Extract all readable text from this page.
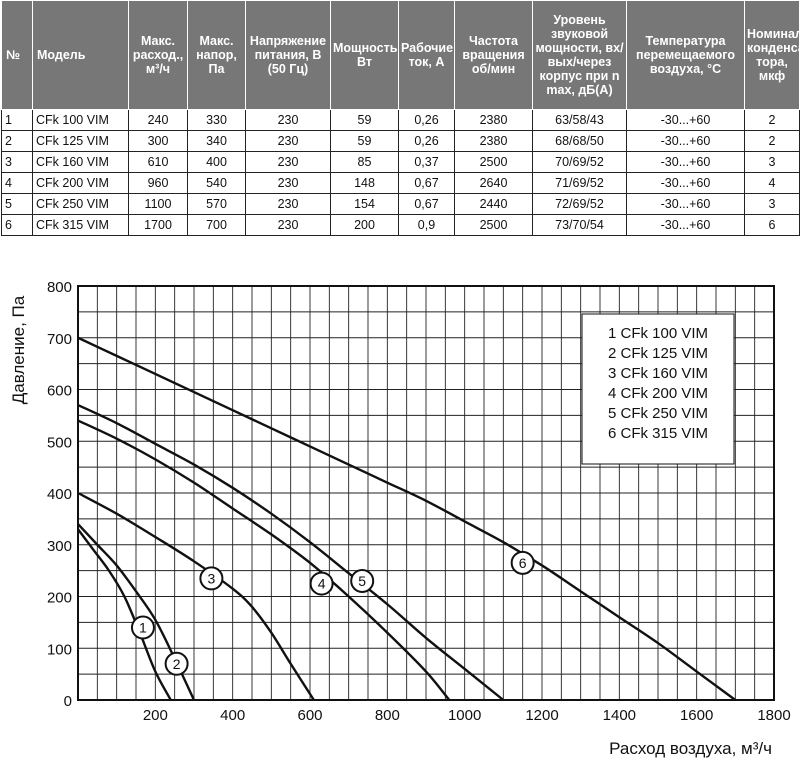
№	Модель	Макс. расход., м³/ч	Макс. напор, Па	Напряжение питания, В (50 Гц)	Мощность Вт	Рабочие ток, А	Частота вращения об/мин	Уровень звуковой мощности, вх/вых/через корпус при n max, дБ(А)	Температура перемещаемого воздуха, °С	Номинал конденса-тора, мкф
1	CFk 100 VIM	240	330	230	59	0,26	2380	63/58/43	-30...+60	2
2	CFk 125 VIM	300	340	230	59	0,26	2380	68/68/50	-30...+60	2
3	CFk 160 VIM	610	400	230	85	0,37	2500	70/69/52	-30...+60	3
4	CFk 200 VIM	960	540	230	148	0,67	2640	71/69/52	-30...+60	4
5	CFk 250 VIM	1100	570	230	154	0,67	2440	72/69/52	-30...+60	3
6	CFk 315 VIM	1700	700	230	200	0,9	2500	73/70/54	-30...+60	6
0
100
200
300
400
500
600
700
800
200	400	600	800	1000	1200	1400	1600	1800
Давление, Па
Расход воздуха, м³/ч
1
2
3	4 5
6
1 CFk 100 VIM
2 CFk 125 VIM
3 CFk 160 VIM
4 CFk 200 VIM
5 CFk 250 VIM
6 CFk 315 VIM
